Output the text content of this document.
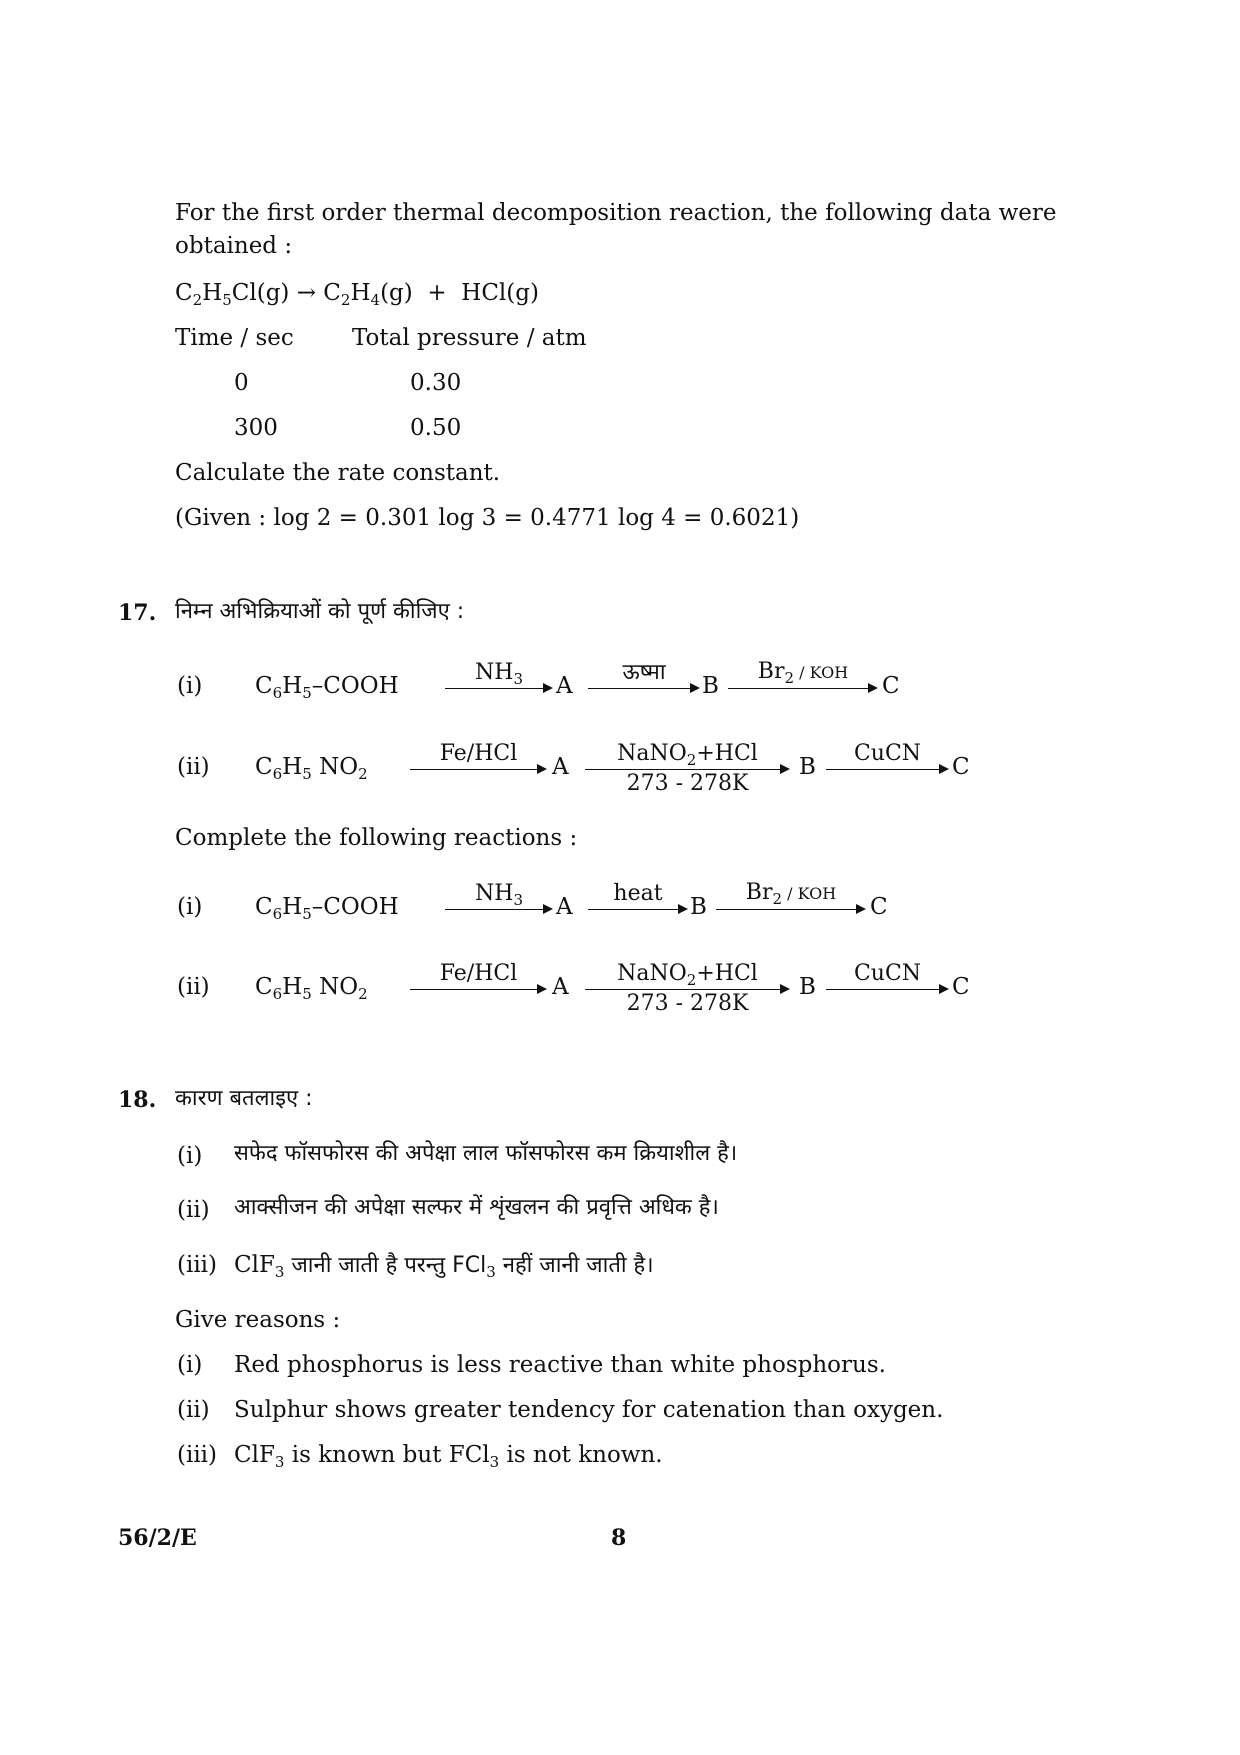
For the first order thermal decomposition reaction, the following data were
obtained :
$C_2H_5Cl(g) \to C_2H_4(g) + HCl(g)$
Time / sec	Total pressure / atm
0	0.30
300	0.50
Calculate the rate constant.
(Given : log 2 = 0.301 log 3 = 0.4771 log 4 = 0.6021)
17. निम्न अभिक्रियाओं को पूर्ण कीजिए :
(i) $C_6H_5$–COOH
$NH_3$	A
ऊष्मा
B
$Br_2$ / KOH
C
(ii) $C_6H_5$ $NO_2$
Fe/HCl
A
NaNO$_2$+HCl
273 - 278K
B
CuCN
C
Complete the following reactions :
(i) $C_6H_5$–COOH
$NH_3$	A
heat
B
$Br_2$ / KOH
C
(ii) $C_6H_5$ $NO_2$
Fe/HCl
A
NaNO$_2$+HCl
273 - 278K
B
CuCN
C
18. कारण बतलाइए :
(i) सफेद फॉसफोरस की अपेक्षा लाल फॉसफोरस कम क्रियाशील है।
(ii) आक्सीजन की अपेक्षा सल्फर में शृंखलन की प्रवृत्ति अधिक है।
(iii) ClF$_3$ जानी जाती है परन्तु FCl$_3$ नहीं जानी जाती है।
Give reasons :
(i) Red phosphorus is less reactive than white phosphorus.
(ii) Sulphur shows greater tendency for catenation than oxygen.
(iii) ClF$_3$ is known but FCl$_3$ is not known.
56/2/E	8
